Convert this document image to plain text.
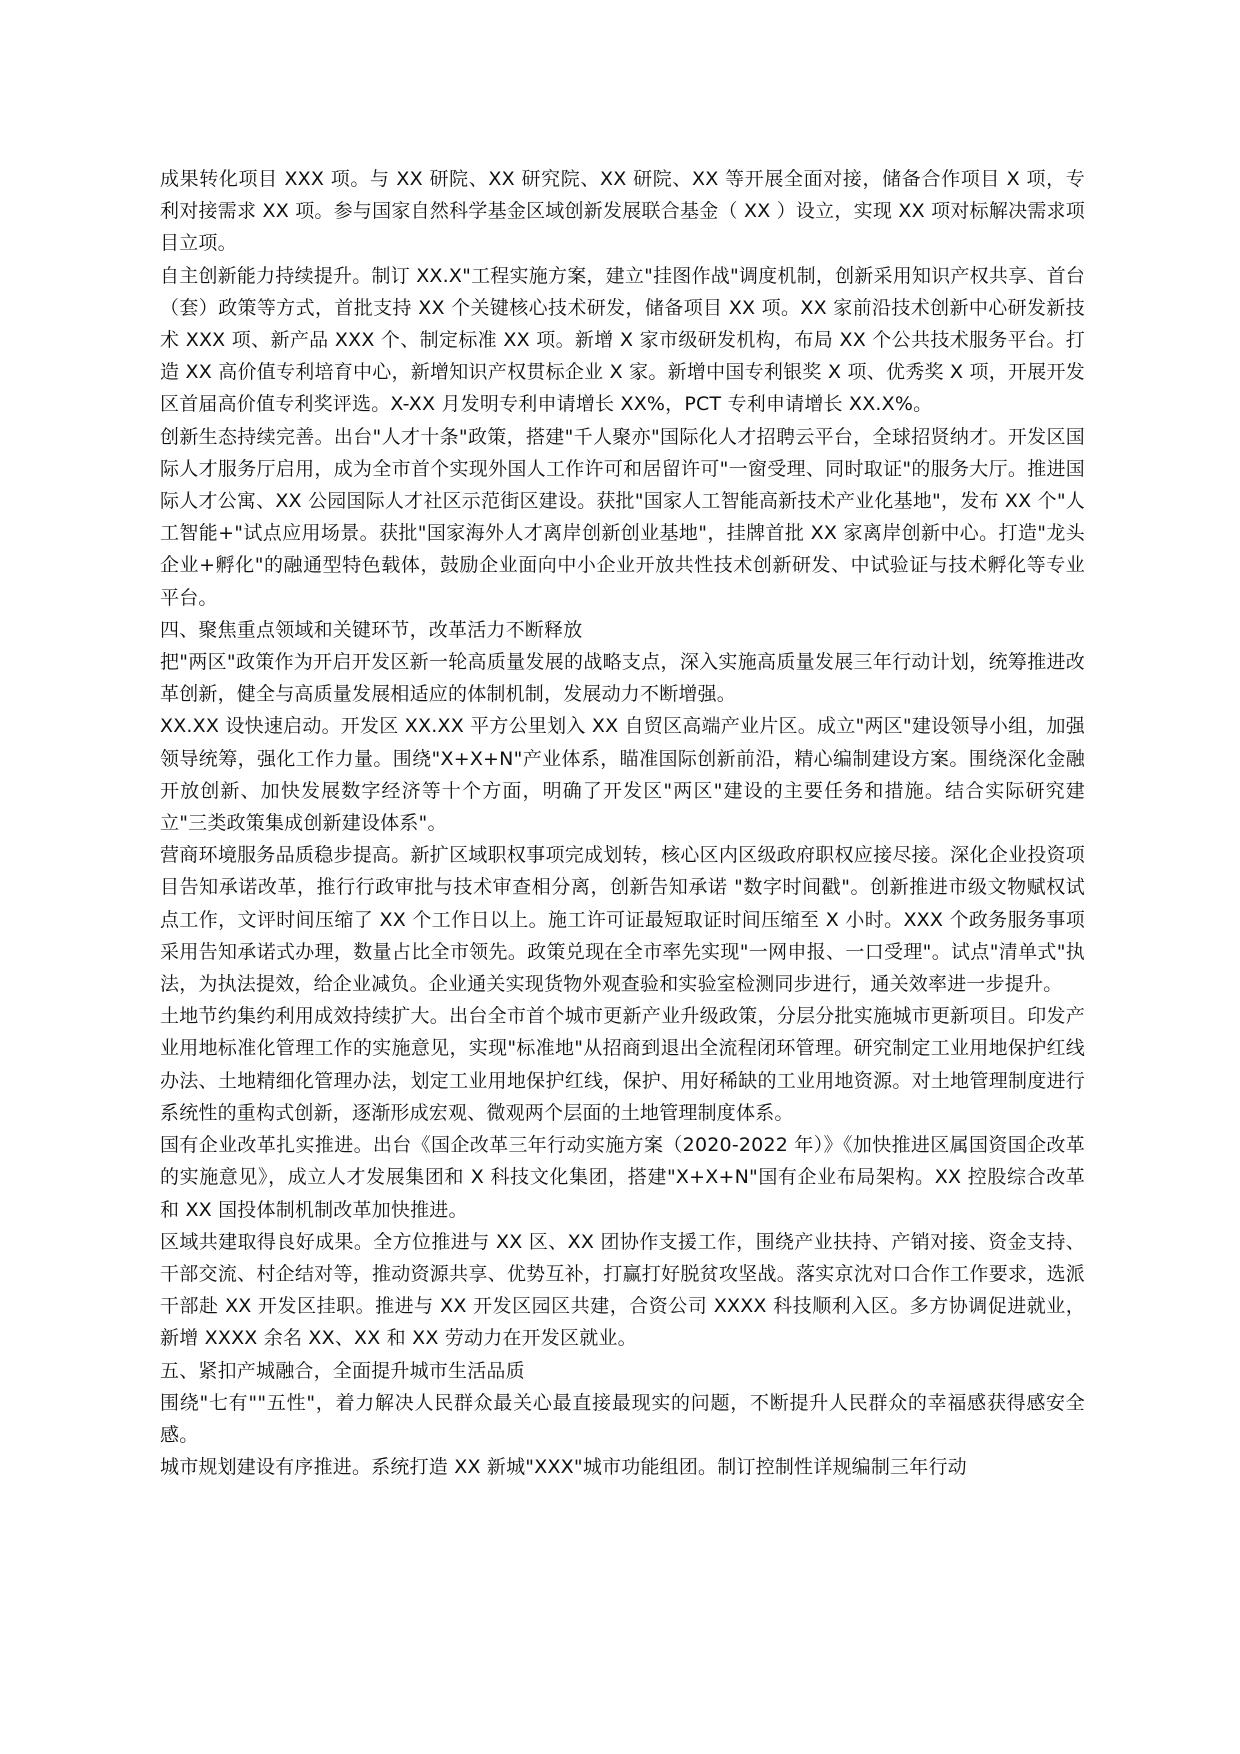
成果转化项目 XXX 项。与 XX 研院、XX 研究院、XX 研院、XX 等开展全面对接，储备合作项目 X 项，专利对接需求 XX 项。参与国家自然科学基金区域创新发展联合基金（ XX ）设立，实现 XX 项对标解决需求项目立项。

自主创新能力持续提升。制订 XX.X"工程实施方案，建立"挂图作战"调度机制，创新采用知识产权共享、首台（套）政策等方式，首批支持 XX 个关键核心技术研发，储备项目 XX 项。XX 家前沿技术创新中心研发新技术 XXX 项、新产品 XXX 个、制定标准 XX 项。新增 X 家市级研发机构，布局 XX 个公共技术服务平台。打造 XX 高价值专利培育中心，新增知识产权贯标企业 X 家。新增中国专利银奖 X 项、优秀奖 X 项，开展开发区首届高价值专利奖评选。X-XX 月发明专利申请增长 XX%，PCT 专利申请增长 XX.X%。

创新生态持续完善。出台"人才十条"政策，搭建"千人聚亦"国际化人才招聘云平台，全球招贤纳才。开发区国际人才服务厅启用，成为全市首个实现外国人工作许可和居留许可"一窗受理、同时取证"的服务大厅。推进国际人才公寓、XX 公园国际人才社区示范街区建设。获批"国家人工智能高新技术产业化基地"，发布 XX 个"人工智能+"试点应用场景。获批"国家海外人才离岸创新创业基地"，挂牌首批 XX 家离岸创新中心。打造"龙头企业+孵化"的融通型特色载体，鼓励企业面向中小企业开放共性技术创新研发、中试验证与技术孵化等专业平台。

四、聚焦重点领域和关键环节，改革活力不断释放

把"两区"政策作为开启开发区新一轮高质量发展的战略支点，深入实施高质量发展三年行动计划，统筹推进改革创新，健全与高质量发展相适应的体制机制，发展动力不断增强。

XX.XX 设快速启动。开发区 XX.XX 平方公里划入 XX 自贸区高端产业片区。成立"两区"建设领导小组，加强领导统筹，强化工作力量。围绕"X+X+N"产业体系，瞄准国际创新前沿，精心编制建设方案。围绕深化金融开放创新、加快发展数字经济等十个方面，明确了开发区"两区"建设的主要任务和措施。结合实际研究建立"三类政策集成创新建设体系"。

营商环境服务品质稳步提高。新扩区域职权事项完成划转，核心区内区级政府职权应接尽接。深化企业投资项目告知承诺改革，推行行政审批与技术审查相分离，创新告知承诺 "数字时间戳"。创新推进市级文物赋权试点工作，文评时间压缩了 XX 个工作日以上。施工许可证最短取证时间压缩至 X 小时。XXX 个政务服务事项采用告知承诺式办理，数量占比全市领先。政策兑现在全市率先实现"一网申报、一口受理"。试点"清单式"执法，为执法提效，给企业减负。企业通关实现货物外观查验和实验室检测同步进行，通关效率进一步提升。

土地节约集约利用成效持续扩大。出台全市首个城市更新产业升级政策，分层分批实施城市更新项目。印发产业用地标准化管理工作的实施意见，实现"标准地"从招商到退出全流程闭环管理。研究制定工业用地保护红线办法、土地精细化管理办法，划定工业用地保护红线，保护、用好稀缺的工业用地资源。对土地管理制度进行系统性的重构式创新，逐渐形成宏观、微观两个层面的土地管理制度体系。

国有企业改革扎实推进。出台《国企改革三年行动实施方案（2020-2022 年）》《加快推进区属国资国企改革的实施意见》，成立人才发展集团和 X 科技文化集团，搭建"X+X+N"国有企业布局架构。XX 控股综合改革和 XX 国投体制机制改革加快推进。

区域共建取得良好成果。全方位推进与 XX 区、XX 团协作支援工作，围绕产业扶持、产销对接、资金支持、干部交流、村企结对等，推动资源共享、优势互补，打赢打好脱贫攻坚战。落实京沈对口合作工作要求，选派干部赴 XX 开发区挂职。推进与 XX 开发区园区共建，合资公司 XXXX 科技顺利入区。多方协调促进就业，新增 XXXX 余名 XX、XX 和 XX 劳动力在开发区就业。

五、紧扣产城融合，全面提升城市生活品质

围绕"七有""五性"，着力解决人民群众最关心最直接最现实的问题，不断提升人民群众的幸福感获得感安全感。

城市规划建设有序推进。系统打造 XX 新城"XXX"城市功能组团。制订控制性详规编制三年行动
